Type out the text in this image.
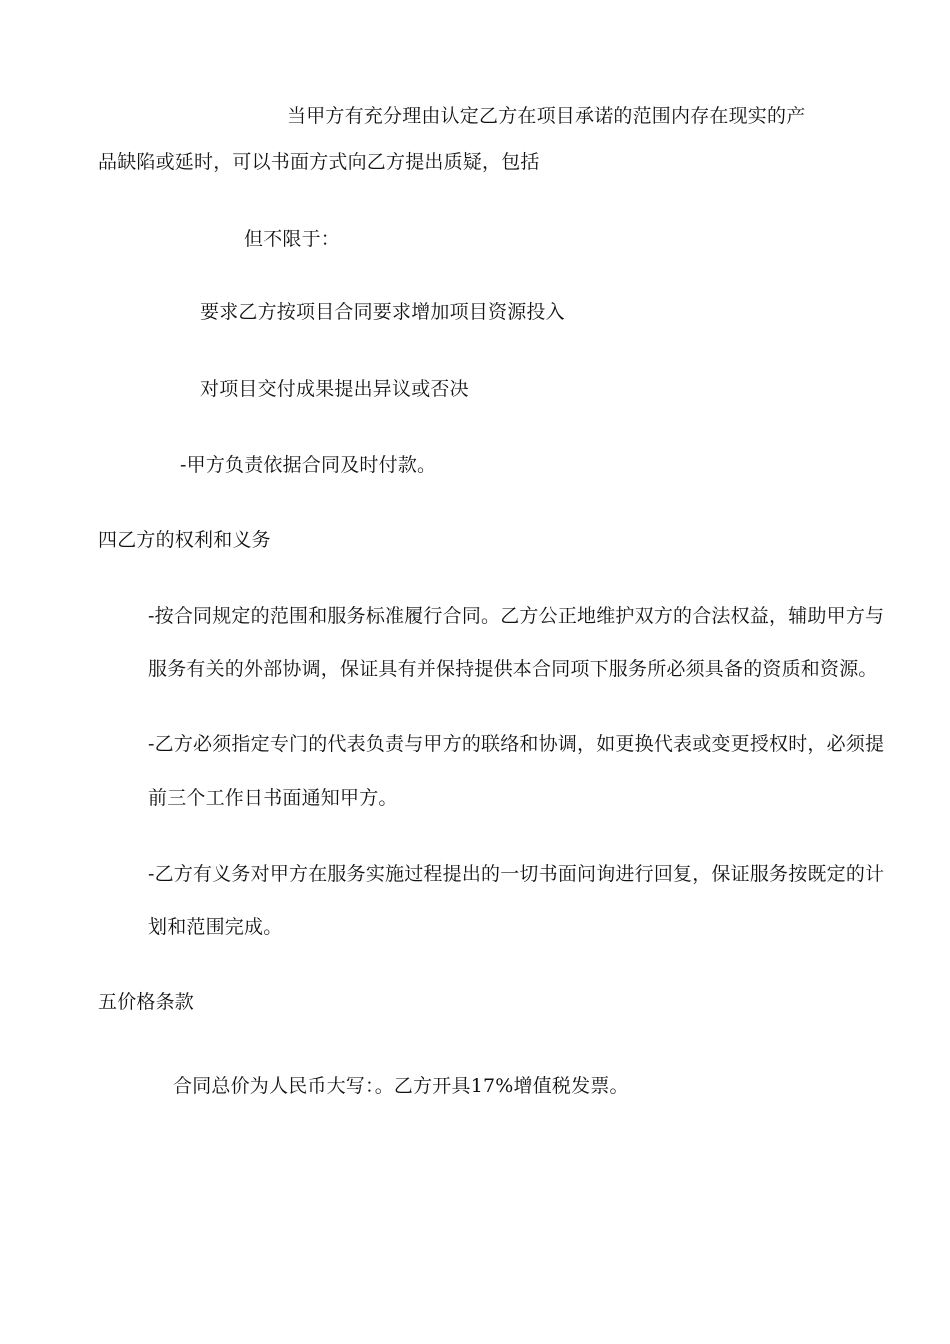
当甲方有充分理由认定乙方在项目承诺的范围内存在现实的产
品缺陷或延时，可以书面方式向乙方提出质疑，包括
但不限于：
要求乙方按项目合同要求增加项目资源投入
对项目交付成果提出异议或否决
-甲方负责依据合同及时付款。
四乙方的权利和义务
-按合同规定的范围和服务标准履行合同。乙方公正地维护双方的合法权益，辅助甲方与
服务有关的外部协调，保证具有并保持提供本合同项下服务所必须具备的资质和资源。
-乙方必须指定专门的代表负责与甲方的联络和协调，如更换代表或变更授权时，必须提
前三个工作日书面通知甲方。
-乙方有义务对甲方在服务实施过程提出的一切书面问询进行回复，保证服务按既定的计
划和范围完成。
五价格条款
合同总价为人民币大写：。乙方开具17%增值税发票。
